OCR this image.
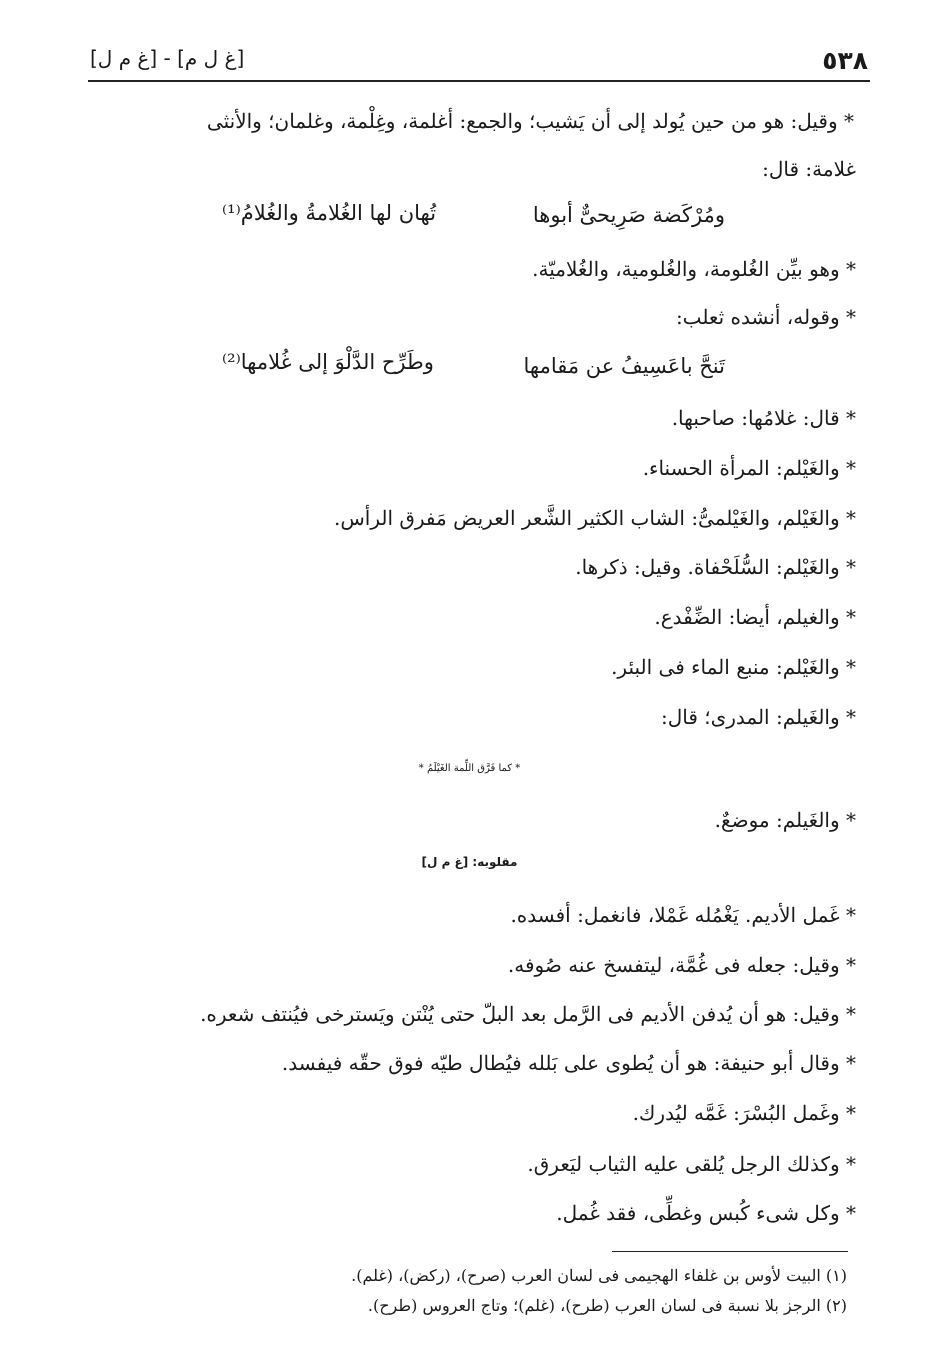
٥٣٨
[غ ل م] - [غ م ل]
* وقيل: هو من حين يُولد إلى أن يَشيب؛ والجمع: أغلمة، وغِلْمة، وغلمان؛ والأنثى
غلامة: قال:
ومُرْكَضة صَرِيحىٌّ أبوها
تُهان لها الغُلامةُ والغُلامُ⁽¹⁾
* وهو بيِّن الغُلومة، والغُلومية، والغُلاميّة.
* وقوله، أنشده ثعلب:
تَنحَّ باعَسِيفُ عن مَقامها
وطَرِّح الدَّلْوَ إلى غُلامها⁽²⁾
* قال: غلامُها: صاحبها.
* والغَيْلم: المرأة الحسناء.
* والغَيْلم، والغَيْلمىُّ: الشاب الكثير الشَّعر العريض مَفرق الرأس.
* والغَيْلم: السُّلَحْفاة. وقيل: ذكرها.
* والغيلم، أيضا: الضِّفْدع.
* والغَيْلم: منبع الماء فى البئر.
* والغَيلم: المدرى؛ قال:
* كما فَرَّق اللِّمة الغَيْلَمُ *
* والغَيلم: موضعٌ.
مقلوبه: [غ م ل]
* غَمل الأديم. يَغْمُله غَمْلا، فانغمل: أفسده.
* وقيل: جعله فى غُمَّة، ليتفسخ عنه صُوفه.
* وقيل: هو أن يُدفن الأديم فى الرَّمل بعد البلّ حتى يُنْتن ويَسترخى فيُنتف شعره.
* وقال أبو حنيفة: هو أن يُطوى على بَلله فيُطال طيّه فوق حقّه فيفسد.
* وغَمل البُسْرَ: غَمَّه ليُدرك.
* وكذلك الرجل يُلقى عليه الثياب ليَعرق.
* وكل شىء كُبس وغطِّى، فقد غُمل.
(١) البيت لأوس بن غلفاء الهجيمى فى لسان العرب (صرح)، (ركض)، (غلم).
(٢) الرجز بلا نسبة فى لسان العرب (طرح)، (غلم)؛ وتاج العروس (طرح).
